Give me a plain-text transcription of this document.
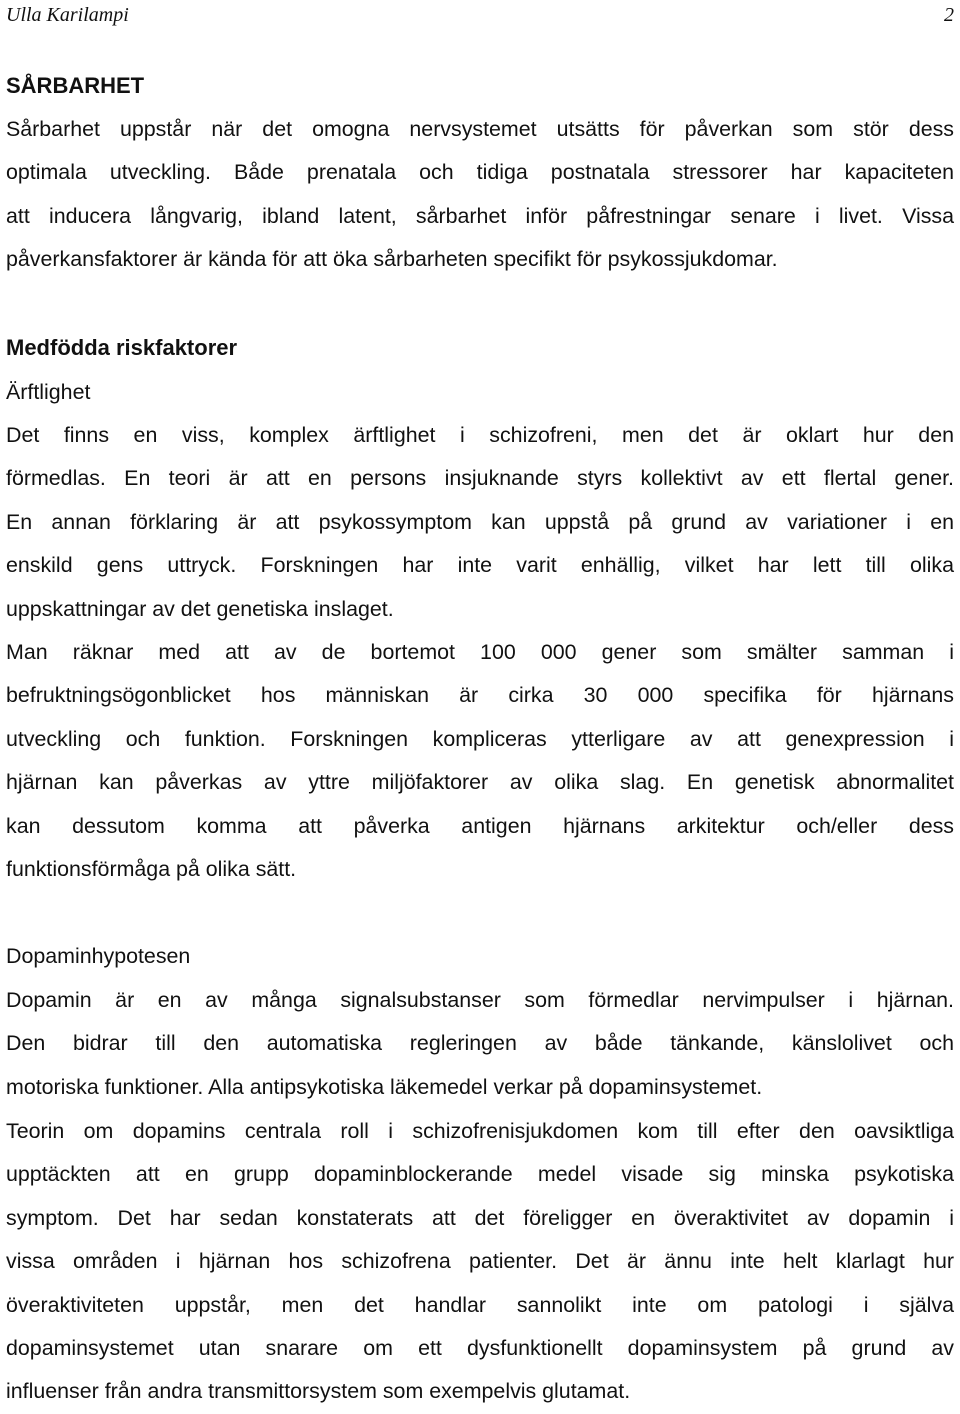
Ulla Karilampi	2
SÅRBARHET
Sårbarhet uppstår när det omogna nervsystemet utsätts för påverkan som stör dess
optimala utveckling. Både prenatala och tidiga postnatala stressorer har kapaciteten
att inducera långvarig, ibland latent, sårbarhet inför påfrestningar senare i livet. Vissa
påverkansfaktorer är kända för att öka sårbarheten specifikt för psykossjukdomar.
Medfödda riskfaktorer
Ärftlighet
Det finns en viss, komplex ärftlighet i schizofreni, men det är oklart hur den
förmedlas. En teori är att en persons insjuknande styrs kollektivt av ett flertal gener.
En annan förklaring är att psykossymptom kan uppstå på grund av variationer i en
enskild gens uttryck. Forskningen har inte varit enhällig, vilket har lett till olika
uppskattningar av det genetiska inslaget.
Man räknar med att av de bortemot 100 000 gener som smälter samman i
befruktningsögonblicket hos människan är cirka 30 000 specifika för hjärnans
utveckling och funktion. Forskningen kompliceras ytterligare av att genexpression i
hjärnan kan påverkas av yttre miljöfaktorer av olika slag. En genetisk abnormalitet
kan dessutom komma att påverka antigen hjärnans arkitektur och/eller dess
funktionsförmåga på olika sätt.
Dopaminhypotesen
Dopamin är en av många signalsubstanser som förmedlar nervimpulser i hjärnan.
Den bidrar till den automatiska regleringen av både tänkande, känslolivet och
motoriska funktioner. Alla antipsykotiska läkemedel verkar på dopaminsystemet.
Teorin om dopamins centrala roll i schizofrenisjukdomen kom till efter den oavsiktliga
upptäckten att en grupp dopaminblockerande medel visade sig minska psykotiska
symptom. Det har sedan konstaterats att det föreligger en överaktivitet av dopamin i
vissa områden i hjärnan hos schizofrena patienter. Det är ännu inte helt klarlagt hur
överaktiviteten uppstår, men det handlar sannolikt inte om patologi i själva
dopaminsystemet utan snarare om ett dysfunktionellt dopaminsystem på grund av
influenser från andra transmittorsystem som exempelvis glutamat.
